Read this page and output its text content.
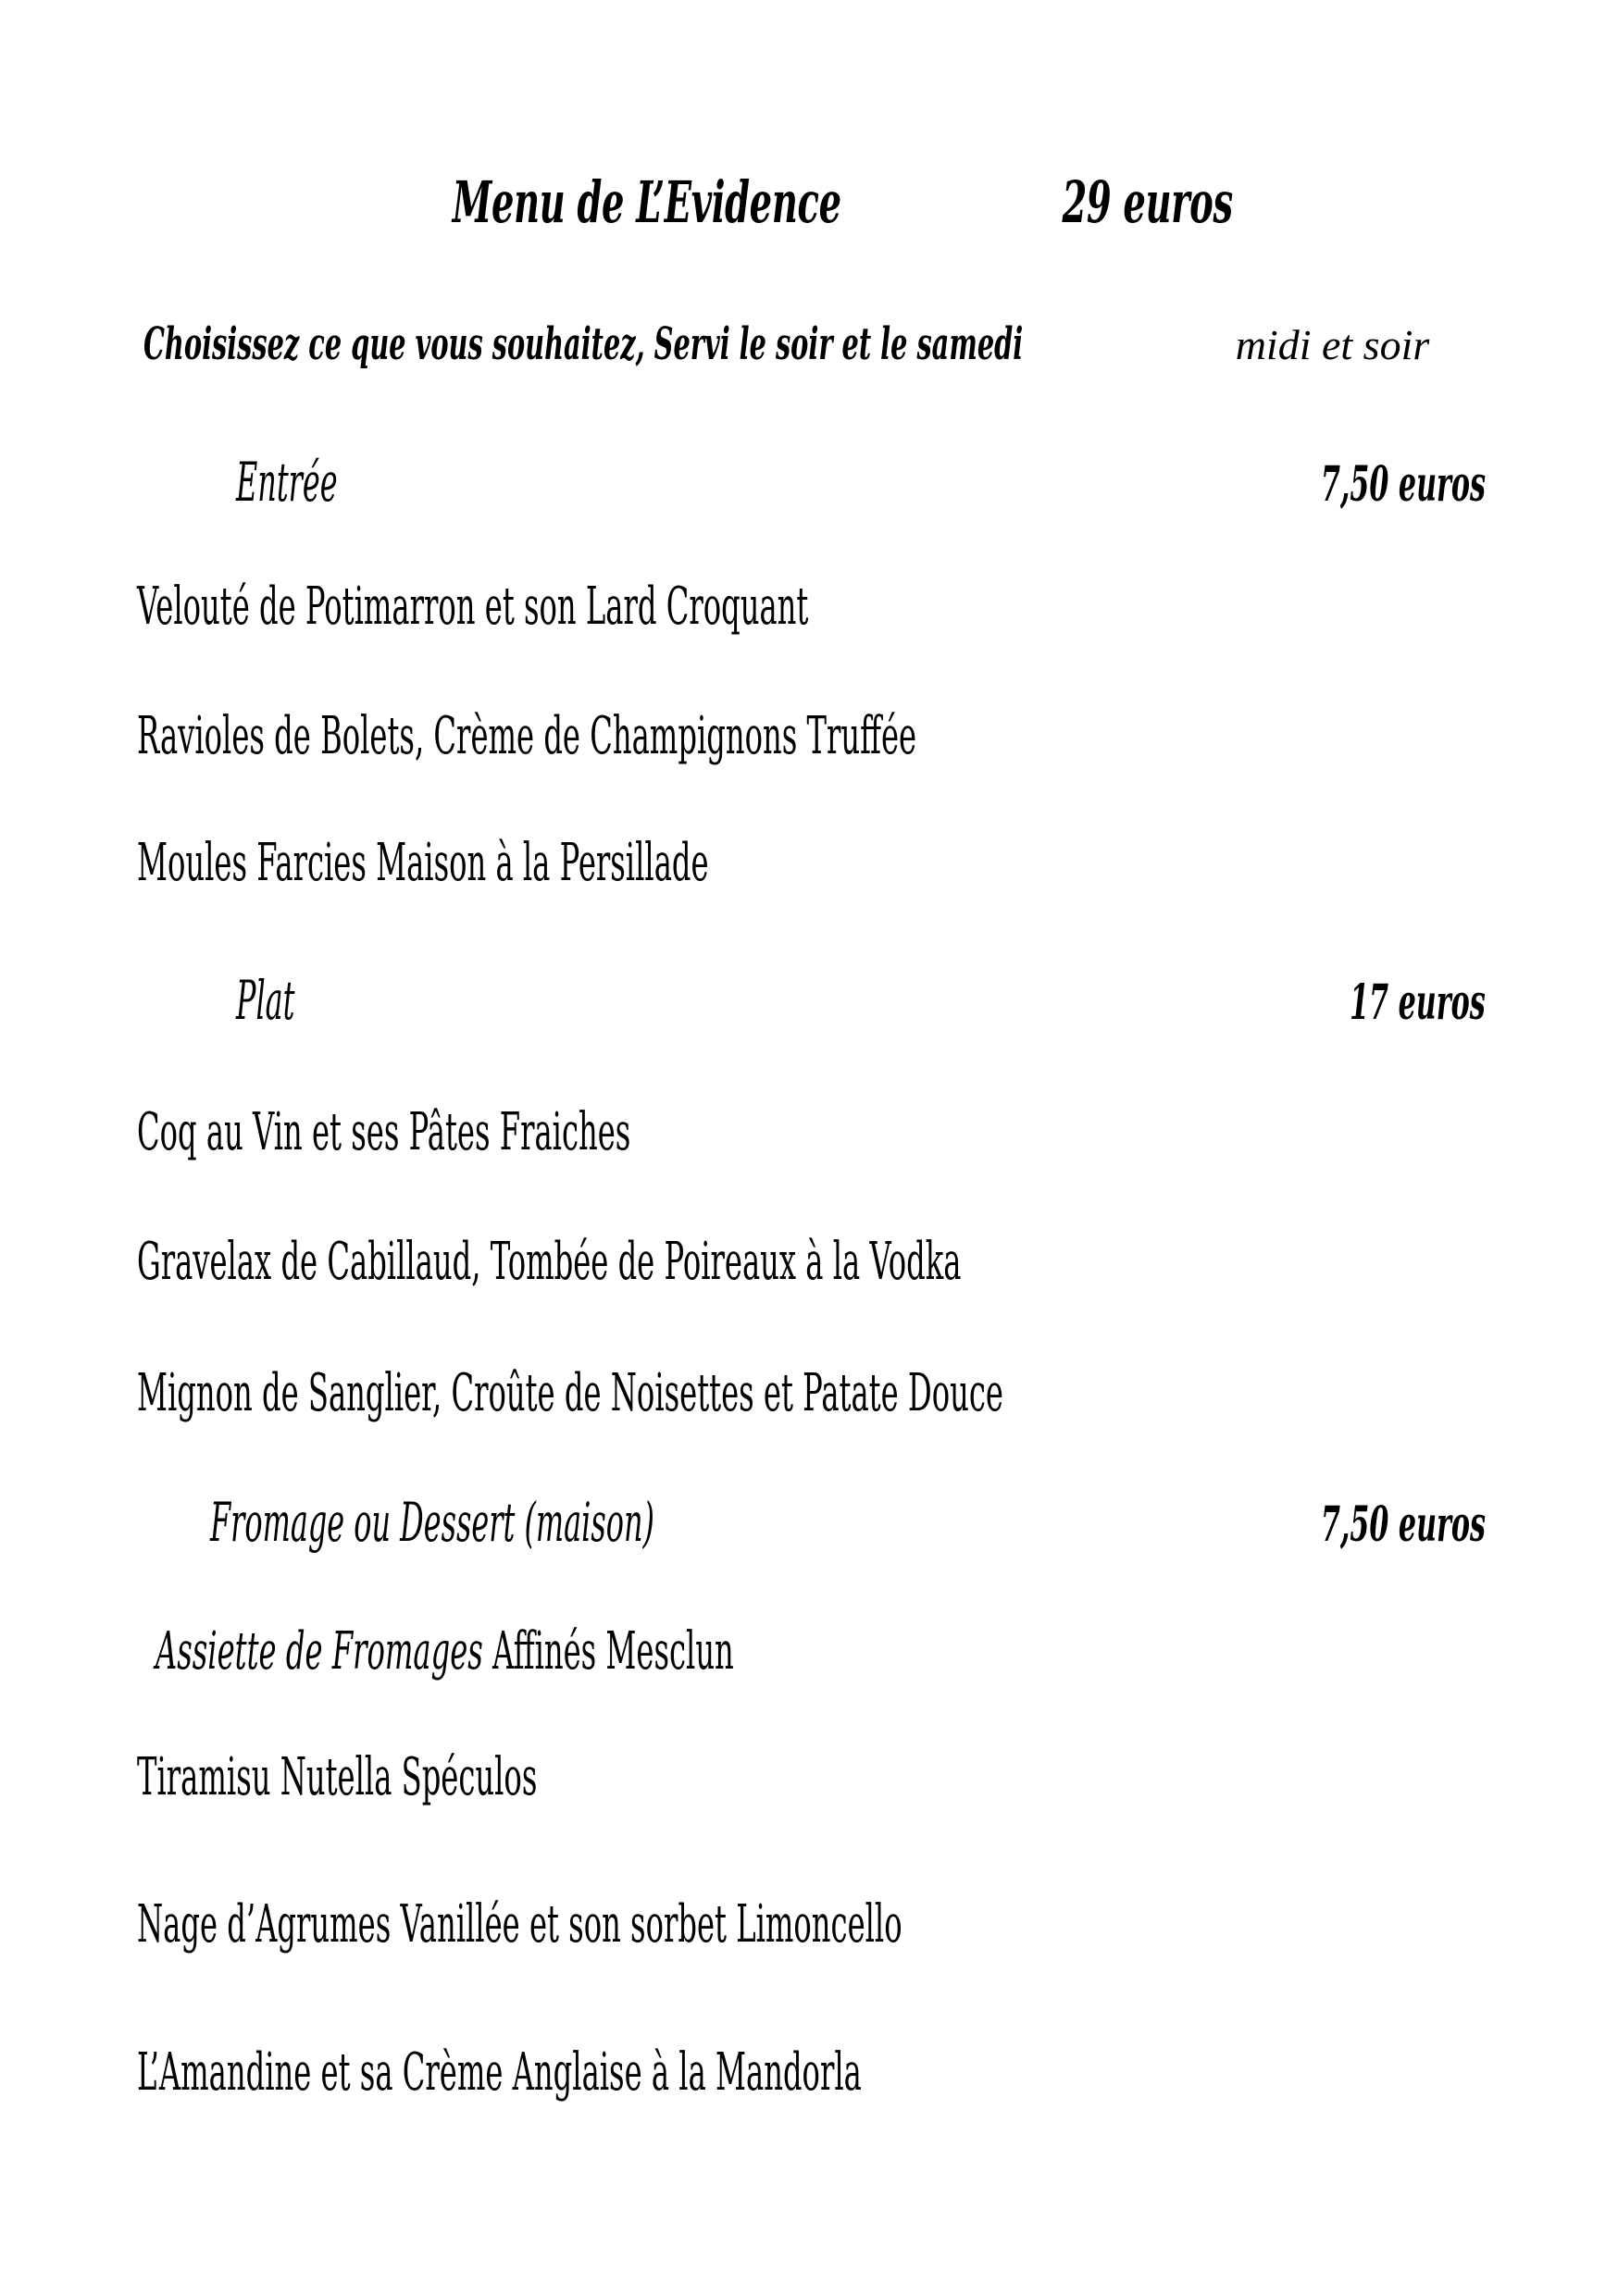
Menu de L’Evidence	29 euros
Choisissez ce que vous souhaitez, Servi le soir et le samedi	midi et soir
Entrée	7,50 euros
Velouté de Potimarron et son Lard Croquant
Ravioles de Bolets, Crème de Champignons Truffée
Moules Farcies Maison à la Persillade
Plat	17 euros
Coq au Vin et ses Pâtes Fraiches
Gravelax de Cabillaud, Tombée de Poireaux à la Vodka
Mignon de Sanglier, Croûte de Noisettes et Patate Douce
Fromage ou Dessert (maison)	7,50 euros
Assiette de Fromages Affinés Mesclun
Tiramisu Nutella Spéculos
Nage d’Agrumes Vanillée et son sorbet Limoncello
L’Amandine et sa Crème Anglaise à la Mandorla
